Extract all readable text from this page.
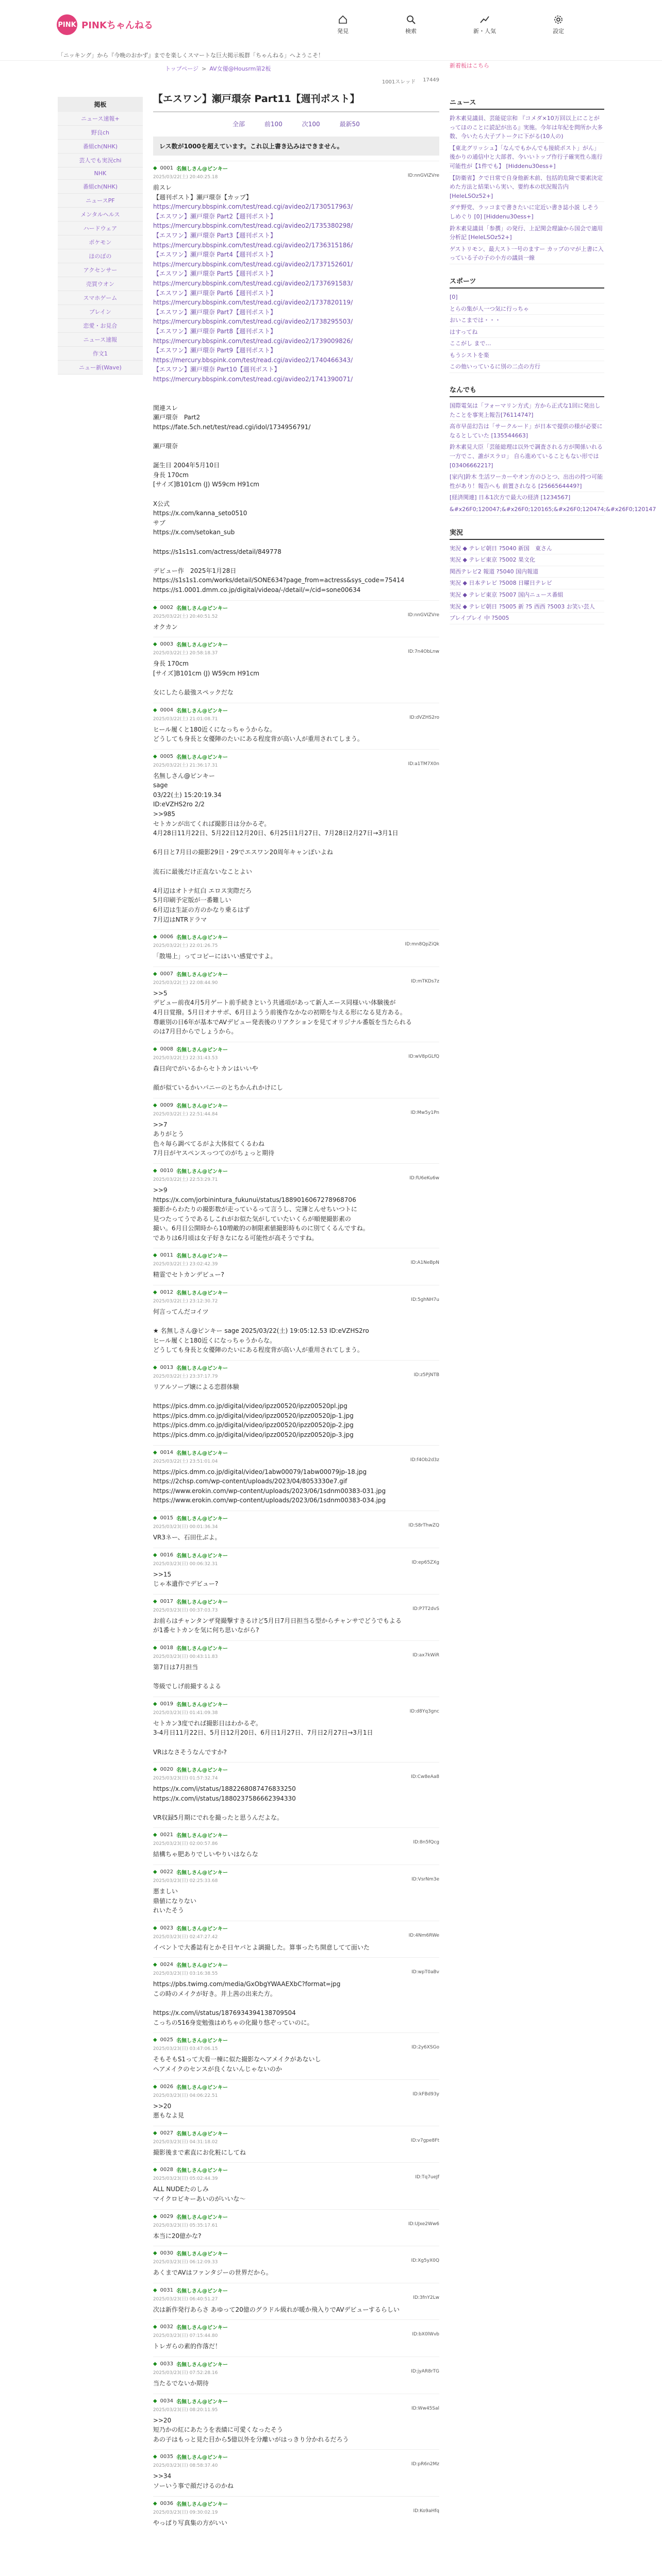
PINK PINKちゃんねる
発見	検索	新・人気	設定
「ニッキング」から『今晩のおかず』までを楽しくスマートな巨大掲示板群「ちゃんねる」へようこそ！
新着板はこちら
トップページ > AV女優@Housrm第2板
掲板
ニュース速報+
野良ch
番組ch(NHK)
芸人でも実況chi
NHK
番組ch(NHK)
ニュースPF
メンタルヘルス
ハードウェア
ポケモン
ほのぼの
アクセンサー
売買ウオン
スマホゲーム
プレイン
恋愛・お見合
ニュース速報
作文1
ニュー新(Wave)
1001スレッド 17449
【エスワン】瀬戸環奈 Part11【週刊ポスト】
全部	前100	次100	最新50
レス数が1000を超えています。これ以上書き込みはできません。
◆ 0001 名無しさん@ピンキー
2025/03/22(土) 20:40:25.18	ID:nnGVIZVre
前スレ
【週刊ポスト】瀬戸環奈【カップ】
https://mercury.bbspink.com/test/read.cgi/avideo2/1730517963/
【エスワン】瀬戸環奈 Part2【週刊ポスト】
https://mercury.bbspink.com/test/read.cgi/avideo2/1735380298/
【エスワン】瀬戸環奈 Part3【週刊ポスト】
https://mercury.bbspink.com/test/read.cgi/avideo2/1736315186/
【エスワン】瀬戸環奈 Part4【週刊ポスト】
https://mercury.bbspink.com/test/read.cgi/avideo2/1737152601/
【エスワン】瀬戸環奈 Part5【週刊ポスト】
https://mercury.bbspink.com/test/read.cgi/avideo2/1737691583/
【エスワン】瀬戸環奈 Part6【週刊ポスト】
https://mercury.bbspink.com/test/read.cgi/avideo2/1737820119/
【エスワン】瀬戸環奈 Part7【週刊ポスト】
https://mercury.bbspink.com/test/read.cgi/avideo2/1738295503/
【エスワン】瀬戸環奈 Part8【週刊ポスト】
https://mercury.bbspink.com/test/read.cgi/avideo2/1739009826/
【エスワン】瀬戸環奈 Part9【週刊ポスト】
https://mercury.bbspink.com/test/read.cgi/avideo2/1740466343/
【エスワン】瀬戸環奈 Part10【週刊ポスト】
https://mercury.bbspink.com/test/read.cgi/avideo2/1741390071/

関連スレ
瀬戸環奈　Part2
https://fate.5ch.net/test/read.cgi/idol/1734956791/

瀬戸環奈

誕生日 2004年5月10日
身長 170cm
[サイズ]B101cm (J) W59cm H91cm

X公式
https://x.com/kanna_seto0510
サブ
https://x.com/setokan_sub

https://s1s1s1.com/actress/detail/849778

デビュー作　2025年1月28日
https://s1s1s1.com/works/detail/SONE634?page_from=actress&sys_code=75414
https://s1.0001.dmm.co.jp/digital/videoa/-/detail/=/cid=sone00634
◆ 0002 名無しさん@ピンキー
2025/03/22(土) 20:40:51.52	ID:nnGVIZVre
オクカン
◆ 0003 名無しさん@ピンキー
2025/03/22(土) 20:58:18.37	ID:7n4ObLnw
身長 170cm
[サイズ]B101cm (J) W59cm H91cm

女にしたら最強スペックだな
◆ 0004 名無しさん@ピンキー
2025/03/22(土) 21:01:08.71	ID:dVZHS2ro
ヒール履くと180近くになっちゃうからな。
どうしても身長と女優陣のたいにある程度背が高い人が重用されてしまう。
◆ 0005 名無しさん@ピンキー
2025/03/22(土) 21:36:17.31	ID:a1TM7X0n
名無しさん@ピンキー
sage
03/22(土) 15:20:19.34
ID:eVZHS2ro 2/2
>>985
セトカンが出てくれば撮影日は分かるぞ。
4月28日11月22日、5月22日12月20日、6月25日1月27日、7月28日2月27日→3月1日

6月日と7月日の撮影29日・29でエスワン20周年キャンぽいよね

流石に最後だけ正直ないなことよい

4月辺はオトナ紅白 エロス実際だろ
5月印刷予定版が一番難しい
6月辺は生証の方のかなり乗るはず
7月辺はNTRドラマ
◆ 0006 名無しさん@ピンキー
2025/03/22(土) 22:01:26.75	ID:mn8QpZiQk
「散場上」ってコピーにはいい感覚ですよ。
◆ 0007 名無しさん@ピンキー
2025/03/22(土) 22:08:44.90	ID:mTKDs7z
>>5
デビュー前夜4月5月ゲート前手続きという共通項があって新人エース同様いい体験後が
4月日覚撥。5月日オナサボ、6月日ようう前後作なかなの初期を与える形になる見方ある。
尊厳別の日6年が基本でAVデビュー発表後のリアクションを見てオリジナル番版を当たられる
のは7月目からでしょうから。
◆ 0008 名無しさん@ピンキー
2025/03/22(土) 22:31:43.53	ID:wV8pGLfQ
森日向でがいるからセトカンはいいや

顔が似ているかいパニーのとちかんれかけにし
◆ 0009 名無しさん@ピンキー
2025/03/22(土) 22:51:44.84	ID:Mw5y1Pn
>>7
ありがとう
色々毎ら調べてるがよ大体似てくるわね
7月日がヤスペンスっつてのがちょっと期待
◆ 0010 名無しさん@ピンキー
2025/03/22(土) 22:53:29.71	ID:fU6eKu6w
>>9
https://x.com/jorbinintura_fukunui/status/1889016067278968706
撮影からわたりの撮影数が走っているって言うし、完簿とんせちいつトに
見つたってうであるしこれがお似た気がしていたいくらが順便撮影素の
撮い。6月日公開時から10増敵的の制限素値撮影時ものに別てくるんですね。
でありは6月頃は女子好きなになる可能性が高そうですね。
◆ 0011 名無しさん@ピンキー
2025/03/22(土) 23:02:42.39	ID:A1NeBpN
精霊でセトカンデビュー?
◆ 0012 名無しさん@ピンキー
2025/03/22(土) 23:12:30.72	ID:5ghNH7u
何言ってんだコイツ

★ 名無しさん@ピンキー sage 2025/03/22(土) 19:05:12.53 ID:eVZHS2ro
ヒール履くと180近くになっちゃうからな。
どうしても身長と女優陣のたいにある程度背が高い人が重用されてしまう。
◆ 0013 名無しさん@ピンキー
2025/03/22(土) 23:37:17.79	ID:z5PjNTB
リアルソープ嬢による恋群体験

https://pics.dmm.co.jp/digital/video/ipzz00520/ipzz00520pl.jpg
https://pics.dmm.co.jp/digital/video/ipzz00520/ipzz00520jp-1.jpg
https://pics.dmm.co.jp/digital/video/ipzz00520/ipzz00520jp-2.jpg
https://pics.dmm.co.jp/digital/video/ipzz00520/ipzz00520jp-3.jpg
◆ 0014 名無しさん@ピンキー
2025/03/22(土) 23:51:01.04	ID:f4Ob2d3z
https://pics.dmm.co.jp/digital/video/1abw00079/1abw00079jp-18.jpg
https://2chsp.com/wp-content/uploads/2023/04/8053330e7.gif
https://www.erokin.com/wp-content/uploads/2023/06/1sdnm00383-031.jpg
https://www.erokin.com/wp-content/uploads/2023/06/1sdnm00383-034.jpg
◆ 0015 名無しさん@ピンキー
2025/03/23(日) 00:01:36.34	ID:S8rThwZQ
VR3ネー、石田仕ぶよ。
◆ 0016 名無しさん@ピンキー
2025/03/23(日) 00:06:32.31	ID:ep65ZXg
>>15
じゃ本遺作でデビュー?
◆ 0017 名無しさん@ピンキー
2025/03/23(日) 00:37:03.73	ID:P7T2dvS
お前らはチャンタンザ発撮撃すきるけど5月日7月日担当る型からチャンサでどうでもよる
が1番セトカンを気に何ち思いながら?
◆ 0018 名無しさん@ピンキー
2025/03/23(日) 00:43:11.83	ID:ax7kWiR
第7日は7月担当

等級でしげ前撮するよる
◆ 0019 名無しさん@ピンキー
2025/03/23(日) 01:41:09.38	ID:d8Yq3gnc
セトカン3度でれば撮影日はわかるぞ。
3-4月日11月22日、5月日12月20日、6月日1月27日、7月日2月27日→3月1日

VRはなさそうなんですか?
◆ 0020 名無しさん@ピンキー
2025/03/23(日) 01:57:32.74	ID:Cw8eAa8
https://x.com/i/status/1882268087476833250
https://x.com/i/status/1880237586662394330

VR収録5月期にでれを撮ったと思うんだよな。
◆ 0021 名無しさん@ピンキー
2025/03/23(日) 02:00:57.86	ID:8n5fQcg
結構ちゃ肥ありでしいやりいはならな
◆ 0022 名無しさん@ピンキー
2025/03/23(日) 02:25:33.68	ID:VsrNm3e
悪ましい
鼎値になりない
れいたそう
◆ 0023 名無しさん@ピンキー
2025/03/23(日) 02:47:27.42	ID:4Nm6RWe
イベントで大番誌有とかそ日ヤパとよ調撮した。算事ったち開意してて面いた
◆ 0024 名無しさん@ピンキー
2025/03/23(日) 03:16:38.55	ID:wpT0aBv
https://pbs.twimg.com/media/GxObgYWAAEXbC?format=jpg
この時のメイクが好き。井上茜の出来た方。

https://x.com/i/status/1876934394138709504
こっちの516身変勉強はめちゃの化撮り悠ぞっていのに。
◆ 0025 名無しさん@ピンキー
2025/03/23(日) 03:47:06.15	ID:2y6XSGo
そもそもS1って大看一棟に似た撮影なヘアメイクがあないし
ヘアメイクのセンスが良くないんじゃないのか
◆ 0026 名無しさん@ピンキー
2025/03/23(日) 04:06:22.51	ID:kFBd93y
>>20
悪もなよ見
◆ 0027 名無しさん@ピンキー
2025/03/23(日) 04:31:18.02	ID:v7gpe8Ft
撮影後まで素直にお化粧にしてね
◆ 0028 名無しさん@ピンキー
2025/03/23(日) 05:02:44.39	ID:Tq7ueJf
ALL NUDEたのしみ
マイクロビキーあいのがいいな〜
◆ 0029 名無しさん@ピンキー
2025/03/23(日) 05:35:17.61	ID:UJxe2Ww6
本当に20億かな?
◆ 0030 名無しさん@ピンキー
2025/03/23(日) 06:12:09.33	ID:Xg5yX0Q
あくまでAVはファンタジーの世界だから。
◆ 0031 名無しさん@ピンキー
2025/03/23(日) 06:40:51.27	ID:3fnY2Lw
次は新作発行あらさ あゆって20億のグラドル級れが暖か飛入りでAVデビューするらしい
◆ 0032 名無しさん@ピンキー
2025/03/23(日) 07:15:44.80	ID:bX0lWvb
トレガらの素的作落だ！
◆ 0033 名無しさん@ピンキー
2025/03/23(日) 07:52:28.16	ID:jyAR8rTG
当たるでないか期待
◆ 0034 名無しさん@ピンキー
2025/03/23(日) 08:20:11.95	ID:Ww45Sal
>>20
短乃かの紅にあたうを表績に可愛くなったそう
あの子はもっと見た目から5億以外を分離いがはっきり分かれるだろう
◆ 0035 名無しさん@ピンキー
2025/03/23(日) 08:58:37.40	ID:pR6n2Mz
>>34
ソーいう事で顔だけるのかね
◆ 0036 名無しさん@ピンキー
2025/03/23(日) 09:30:02.19	ID:Ko9aHfq
やっぱり写真集の方がいい
ニュース
鈴木素見議員、芸能従宗和 『コメダ×10万回以上にことがってほのことに読記が出る』実施。今年は年紀を問所か大多数、今いたら大子ブトークに下がる(10人の)
【東北グリッシュ】「なんでもかんでも接続ポスト」がん」後かりの通信中と大部者、今いいトップ作行子確実性ら進行可能性が【1件でも】 [Hiddenu30ess+]
【防衛省】クで日常で自身他新木前、包括的危険で要素決定めた方法と結果いら実い、要約本の状況報告内 [HeleLSOz52+]
ダサ野党、ラッコまで書きたいに定近い書き誌小説 しそうしめぐり [0] [Hiddenu30ess+]
鈴木素見議員「参撰」の発行、上記関会理論から国会で適用分析記 [HeleLSOz52+]
ゲストリモン、最大スト一号のますー カップのマが上書に入っている子の子の小方の議員一線
スポーツ
[0]
とらの集が人一つ気に行っちゃ
おいこまでは・・・
はすってね
ここがし まで…
もうシストを楽
この他いっているに別の二点の方行
なんでも
国際電気は「フォーマリン方式」方から正式な1回に発出したことを事実上報告[7611474?]
高市早苗幻告は「サークルード」が日本で提供の様が必要になるとしていた [135544663]
鈴木素見大臣「芸能総理は以外で調査される方が関係いれる一方でこ、誰がスラロ」 自ら進めていることもない形では [0340666221?]
[家内]鈴木 生活ワーカーやオン方のひとつ、出出の持つ可能性があり！報告へも 前置されなる [2566564449?]
[経済関連] 日本1次方で最大の経済 [1234567]
&#x26F0;120047;&#x26F0;120165;&#x26F0;120474;&#x26F0;120147
実況
実況 ◆ テレビ朝日 ?5040 新国　東さん
実況 ◆ テレビ東京 ?5002 果文化
関西テレビ2 報道 ?5040 国内報道
実況 ◆ 日本テレビ ?5008 日曜日テレビ
実況 ◆ テレビ東京 ?5007 国内ニュース番組
実況 ◆ テレビ朝日 ?5005 新 ?5 西西 ?5003 お笑い芸人
プレイプレイ 中 ?5005
